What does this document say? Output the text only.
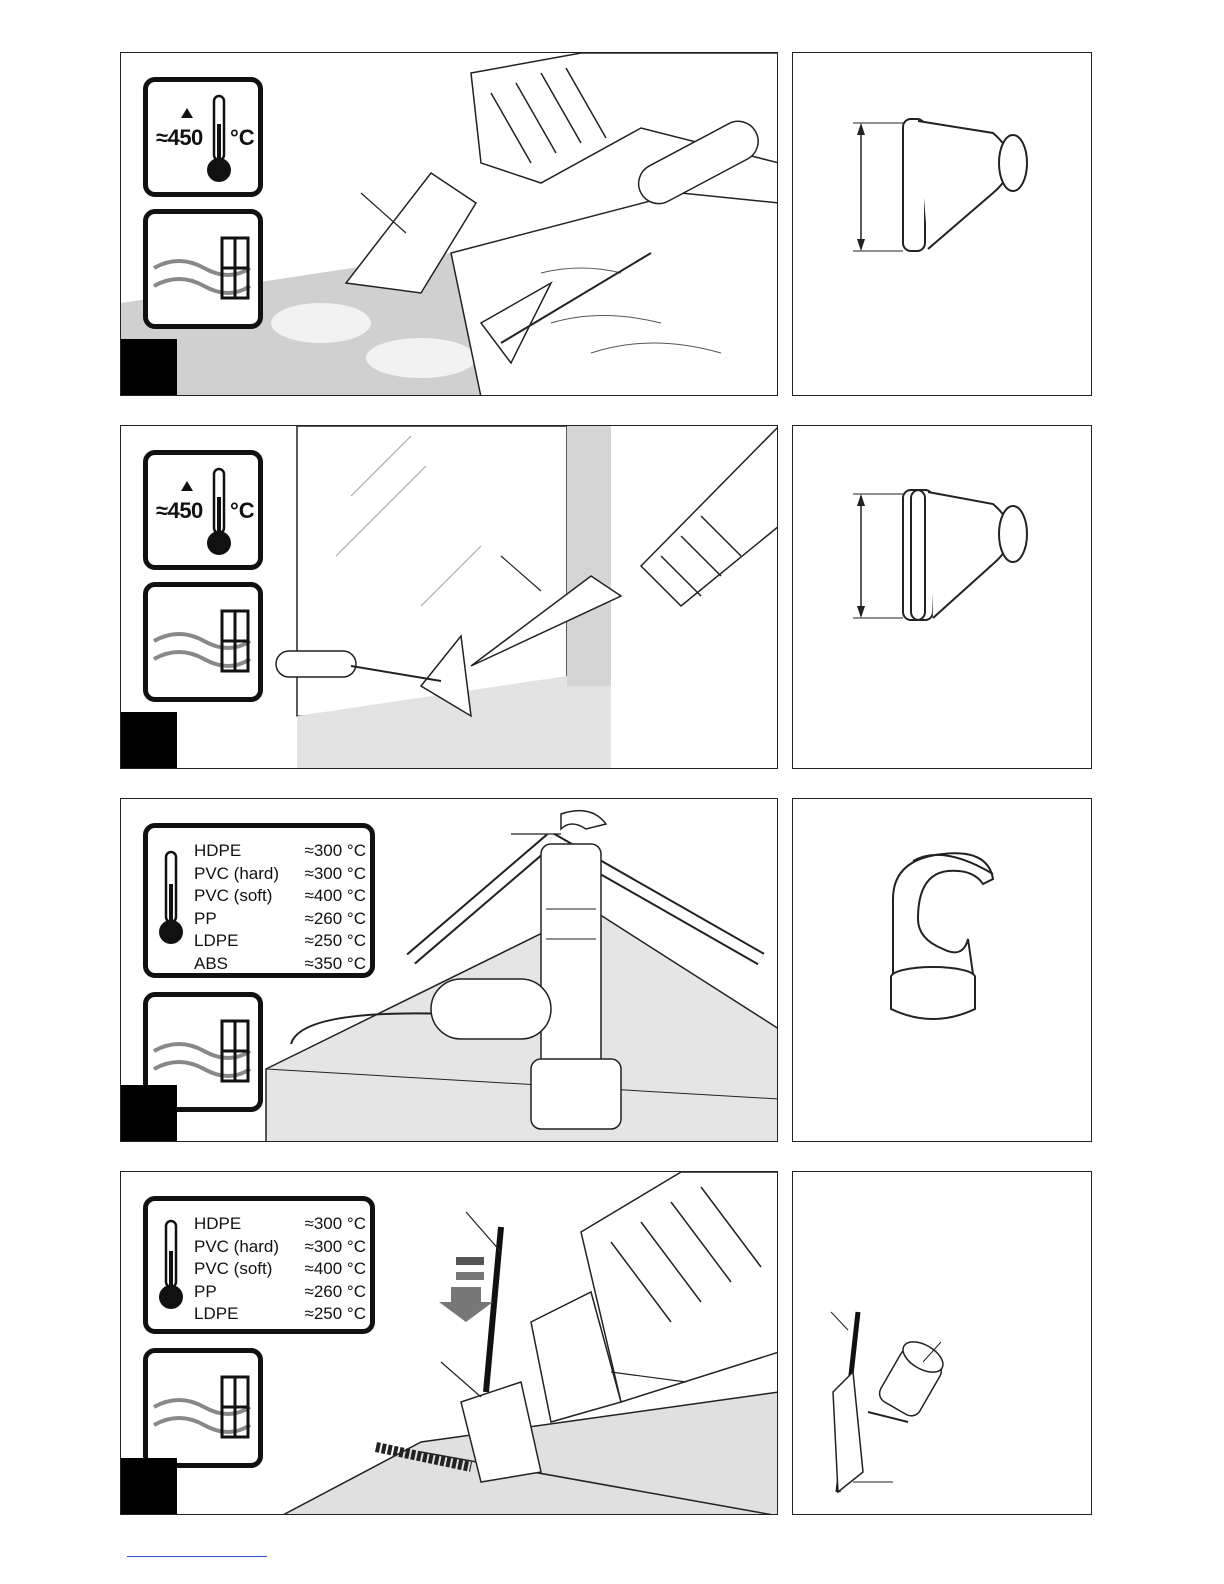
≈450 °C
≈450 °C
HDPE	≈300 °C
PVC (hard) ≈300 °C
PVC (soft) ≈400 °C
PP	≈260 °C
LDPE	≈250 °C
ABS	≈350 °C
HDPE	≈300 °C
PVC (hard) ≈300 °C
PVC (soft) ≈400 °C
PP	≈260 °C
LDPE	≈250 °C
